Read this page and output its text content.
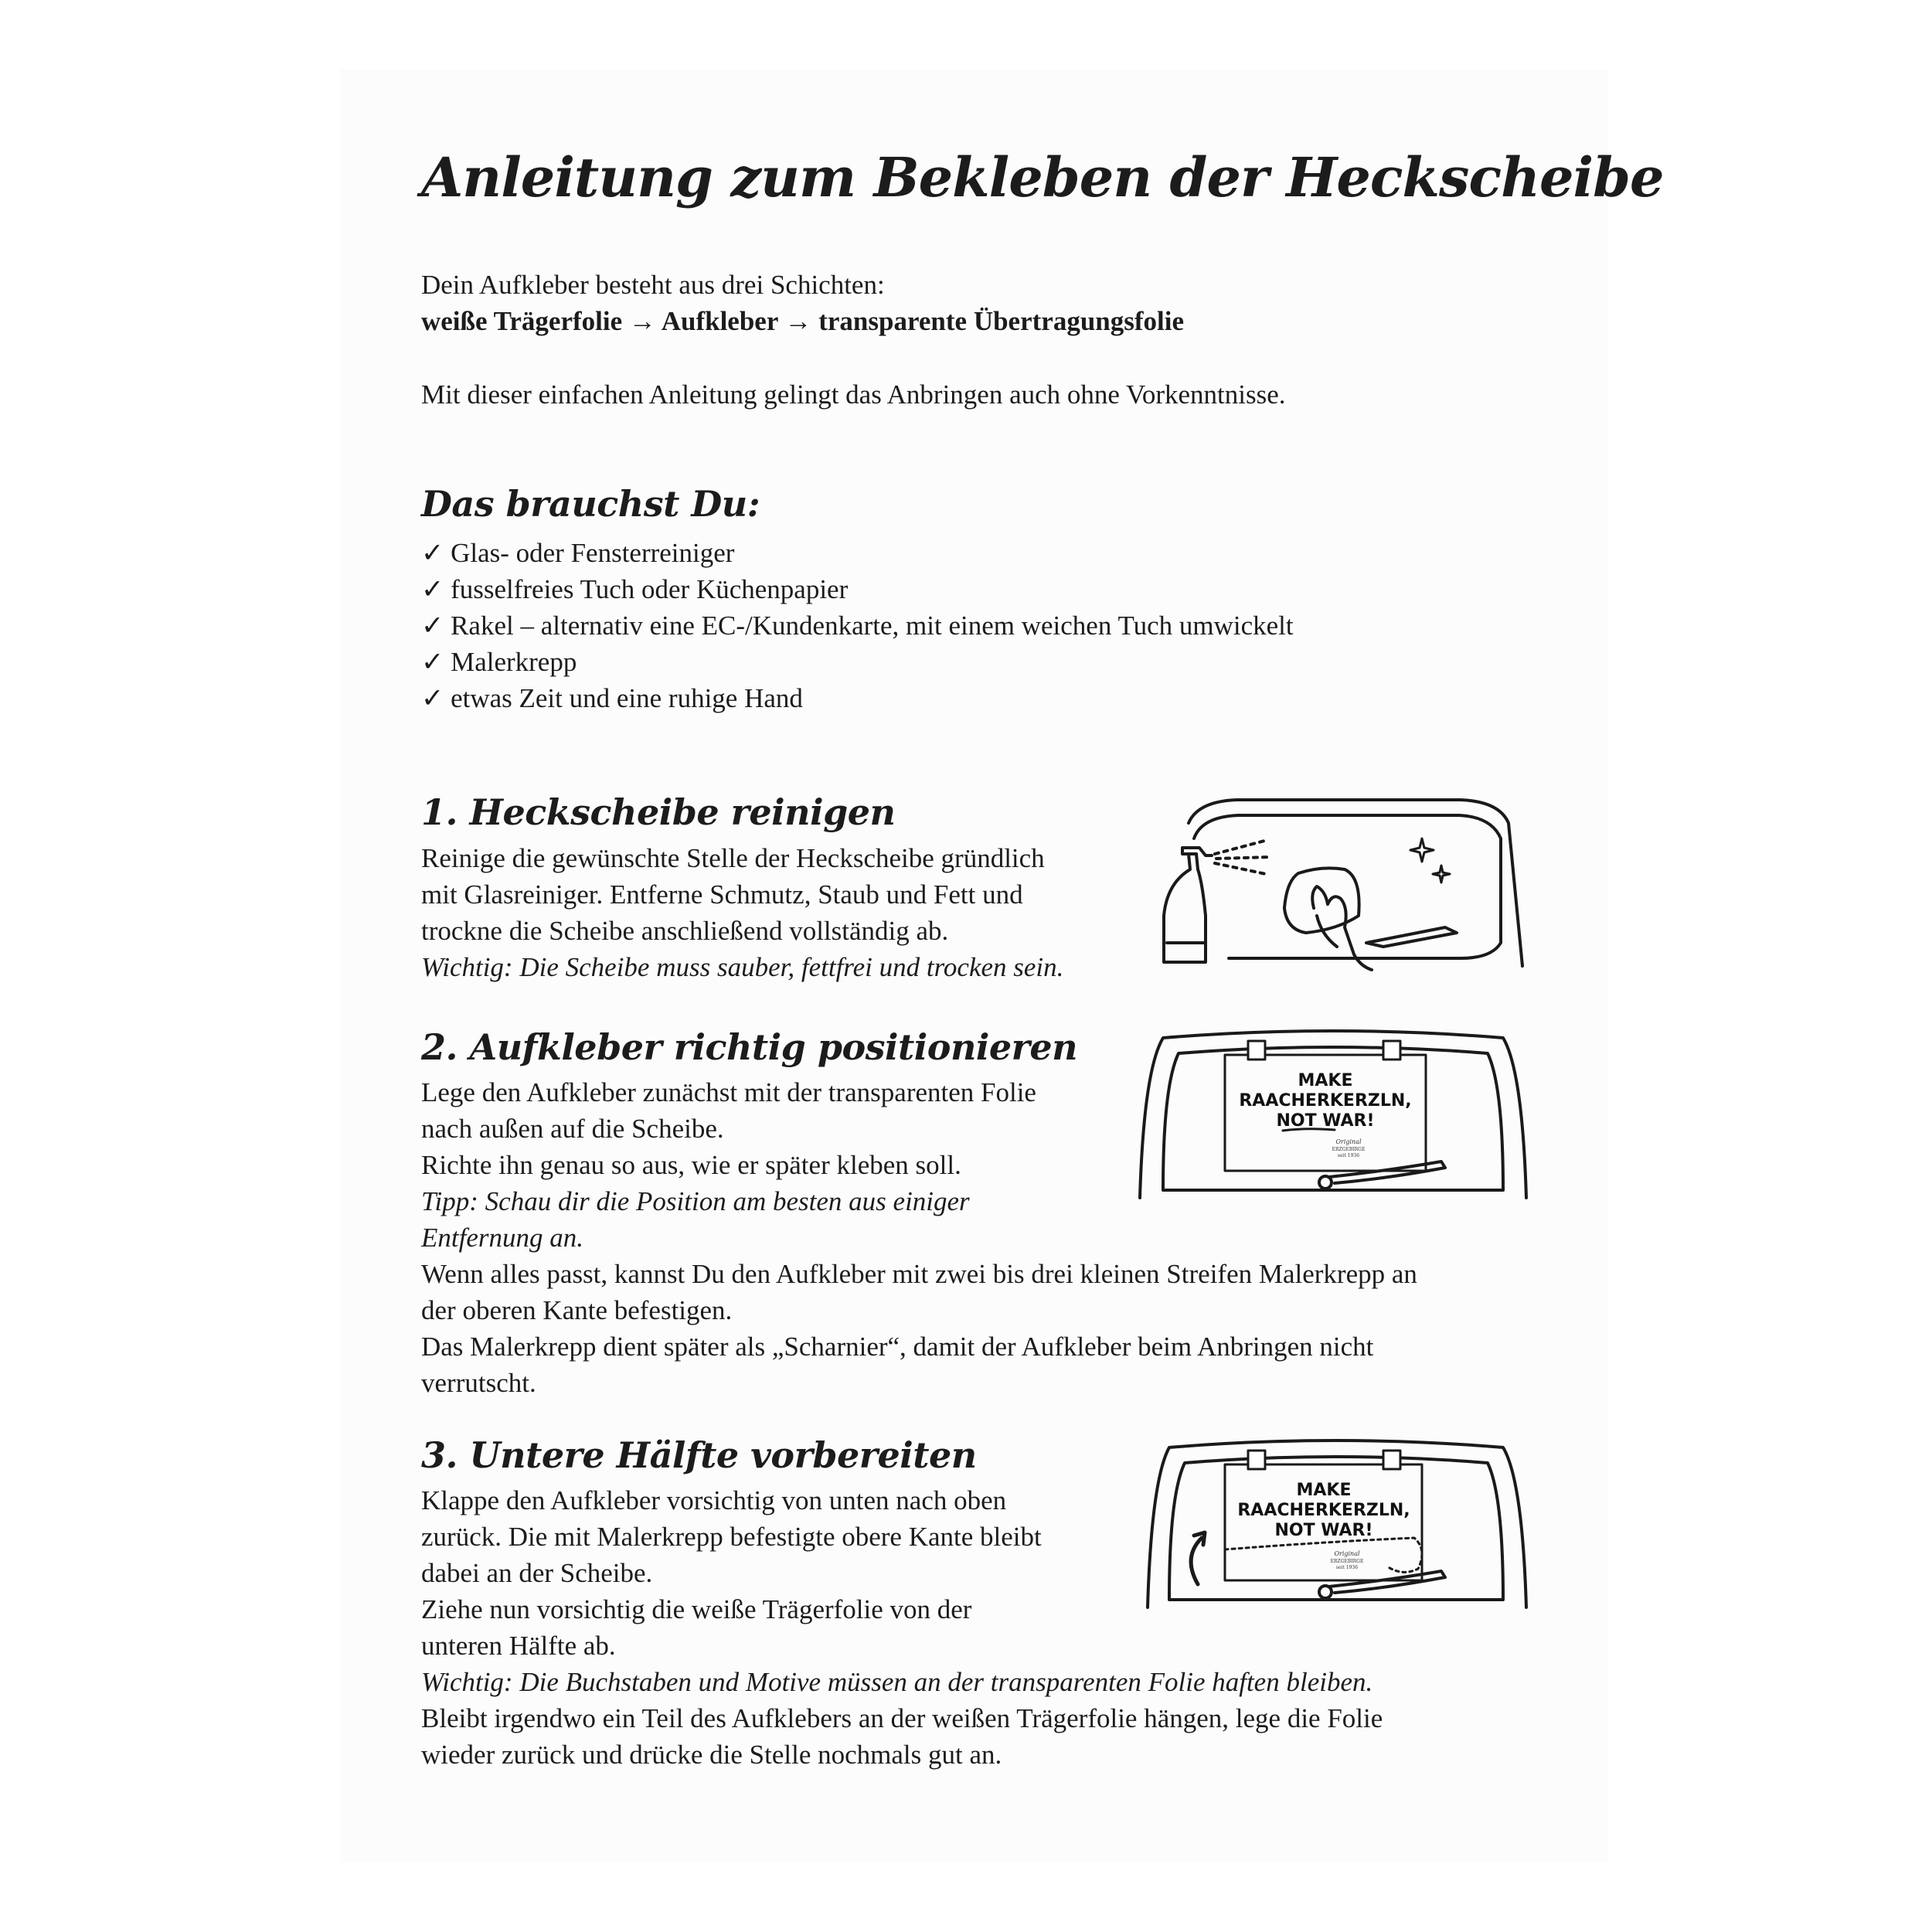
Anleitung zum Bekleben der Heckscheibe
Dein Aufkleber besteht aus drei Schichten:
weiße Trägerfolie → Aufkleber → transparente Übertragungsfolie
Mit dieser einfachen Anleitung gelingt das Anbringen auch ohne Vorkenntnisse.
Das brauchst Du:
✓ Glas- oder Fensterreiniger
✓ fusselfreies Tuch oder Küchenpapier
✓ Rakel – alternativ eine EC-/Kundenkarte, mit einem weichen Tuch umwickelt
✓ Malerkrepp
✓ etwas Zeit und eine ruhige Hand
1. Heckscheibe reinigen
Reinige die gewünschte Stelle der Heckscheibe gründlich
mit Glasreiniger. Entferne Schmutz, Staub und Fett und
trockne die Scheibe anschließend vollständig ab.
Wichtig: Die Scheibe muss sauber, fettfrei und trocken sein.
2. Aufkleber richtig positionieren
Lege den Aufkleber zunächst mit der transparenten Folie
nach außen auf die Scheibe.
Richte ihn genau so aus, wie er später kleben soll.
Tipp: Schau dir die Position am besten aus einiger
Entfernung an.
Wenn alles passt, kannst Du den Aufkleber mit zwei bis drei kleinen Streifen Malerkrepp an
der oberen Kante befestigen.
Das Malerkrepp dient später als „Scharnier“, damit der Aufkleber beim Anbringen nicht
verrutscht.
MAKE
RAACHERKERZLN,
NOT WAR!
Original
ERZGEBIRGE
seit 1936
3. Untere Hälfte vorbereiten
Klappe den Aufkleber vorsichtig von unten nach oben
zurück. Die mit Malerkrepp befestigte obere Kante bleibt
dabei an der Scheibe.
Ziehe nun vorsichtig die weiße Trägerfolie von der
unteren Hälfte ab.
Wichtig: Die Buchstaben und Motive müssen an der transparenten Folie haften bleiben.
Bleibt irgendwo ein Teil des Aufklebers an der weißen Trägerfolie hängen, lege die Folie
wieder zurück und drücke die Stelle nochmals gut an.
MAKE
RAACHERKERZLN,
NOT WAR!
Original
ERZGEBIRGE
seit 1936
